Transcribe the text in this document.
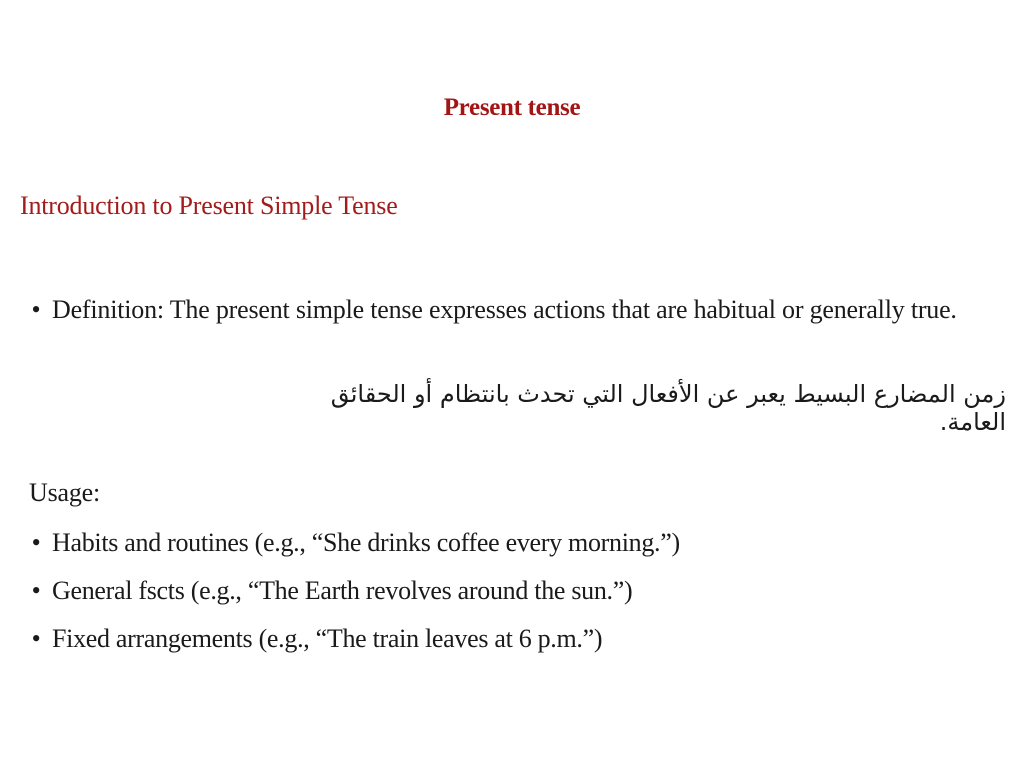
Present tense
Introduction to Present Simple Tense
• Definition: The present simple tense expresses actions that are habitual or generally true.
زمن المضارع البسيط يعبر عن الأفعال التي تحدث بانتظام أو الحقائق العامة.
Usage:
• Habits and routines (e.g., “She drinks coffee every morning.”)
• General fscts (e.g., “The Earth revolves around the sun.”)
• Fixed arrangements (e.g., “The train leaves at 6 p.m.”)
